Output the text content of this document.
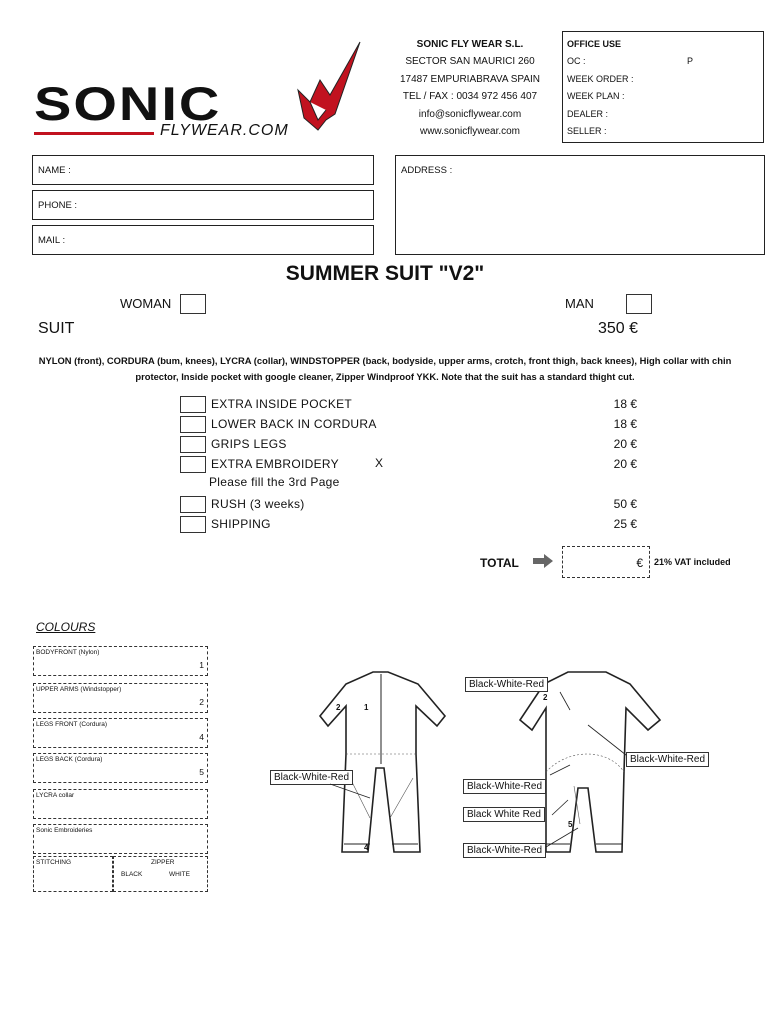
SONIC
FLYWEAR.COM
SONIC FLY WEAR S.L.
SECTOR SAN MAURICI 260
17487 EMPURIABRAVA SPAIN
TEL / FAX : 0034 972 456 407
info@sonicflywear.com
www.sonicflywear.com
OFFICE USE
OC :	P
WEEK ORDER :
WEEK PLAN :
DEALER :
SELLER :
NAME :
PHONE :
MAIL :
ADDRESS :
SUMMER SUIT "V2"
WOMAN	MAN
SUIT	350 €
NYLON (front), CORDURA (bum, knees), LYCRA (collar), WINDSTOPPER (back, bodyside, upper arms, crotch, front thigh, back knees), High collar with chin protector, Inside pocket with google cleaner, Zipper Windproof YKK. Note that the suit has a standard thight cut.
EXTRA INSIDE POCKET	18 €
LOWER BACK IN CORDURA	18 €
GRIPS LEGS	20 €
EXTRA EMBROIDERY	X	20 €
Please fill the 3rd Page
RUSH (3 weeks)	50 €
SHIPPING	25 €
TOTAL	€	21% VAT included
COLOURS
BODYFRONT (Nylon)
1
UPPER ARMS (Windstopper)
2
LEGS FRONT (Cordura)
4
LEGS BACK (Cordura)
5
LYCRA collar
Sonic Embroideries
STITCHING	ZIPPER
BLACK	WHITE
2	1
4
Black-White-Red
2
5
Black-White-Red
Black-White-Red
Black-White-Red
Black White Red
Black-White-Red
